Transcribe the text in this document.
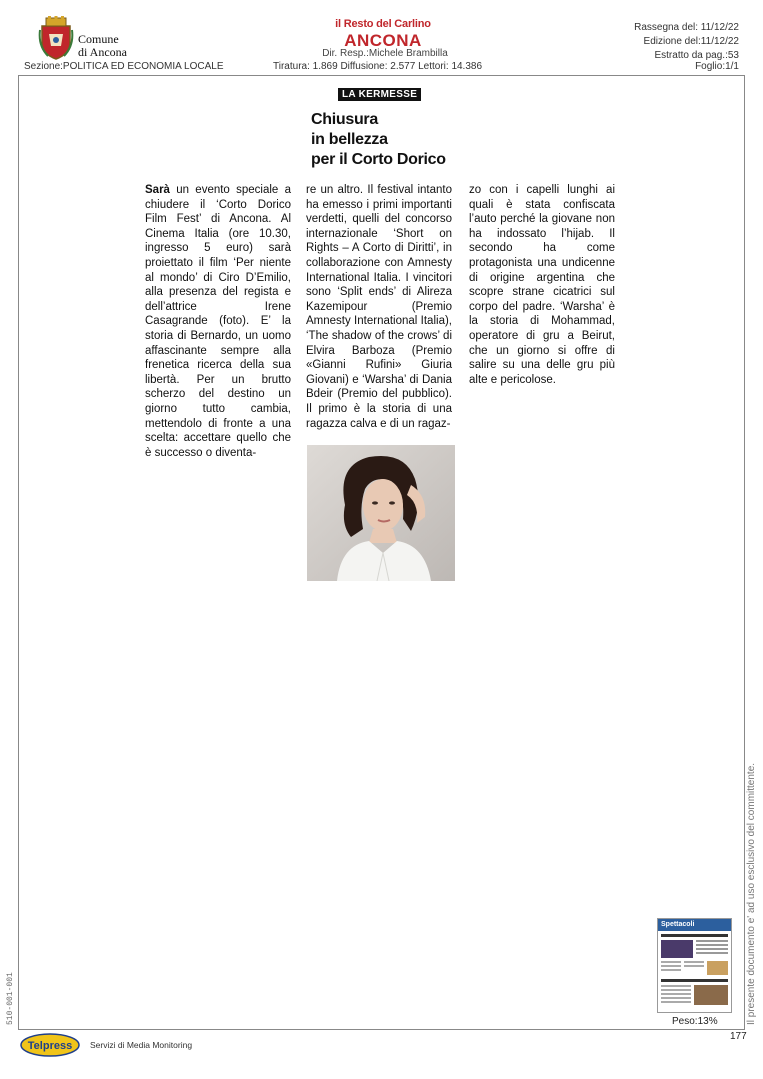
Comune
di Ancona
il Resto del Carlino
ANCONA
Dir. Resp.:Michele Brambilla
Rassegna del: 11/12/22
Edizione del:11/12/22
Estratto da pag.:53
Sezione:POLITICA ED ECONOMIA LOCALE	Tiratura: 1.869 Diffusione: 2.577 Lettori: 14.386	Foglio:1/1
LA KERMESSE
Chiusura
in bellezza
per il Corto Dorico
Sarà un evento speciale a chiudere il ‘Corto Dorico Film Fest’ di Ancona. Al Cinema Italia (ore 10.30, ingresso 5 euro) sarà proiettato il film ‘Per niente al mondo’ di Ciro D’Emilio, alla presenza del regista e dell’attrice Irene Casagrande (foto). E’ la storia di Bernardo, un uomo affascinante sempre alla frenetica ricerca della sua libertà. Per un brutto scherzo del destino un giorno tutto cambia, mettendolo di fronte a una scelta: accettare quello che è successo o diventa-
re un altro. Il festival intanto ha emesso i primi importanti verdetti, quelli del concorso internazionale ‘Short on Rights – A Corto di Diritti’, in collaborazione con Amnesty International Italia. I vincitori sono ‘Split ends’ di Alireza Kazemipour (Premio Amnesty International Italia), ‘The shadow of the crows’ di Elvira Barboza (Premio «Gianni Rufini» Giuria Giovani) e ‘Warsha’ di Dania Bdeir (Premio del pubblico). Il primo è la storia di una ragazza calva e di un ragaz-
zo con i capelli lunghi ai quali è stata confiscata l’auto perché la giovane non ha indossato l’hijab. Il secondo ha come protagonista una undicenne di origine argentina che scopre strane cicatrici sul corpo del padre. ‘Warsha’ è la storia di Mohammad, operatore di gru a Beirut, che un giorno si offre di salire su una delle gru più alte e pericolose.
Spettacoli
Peso:13%	Il presente documento e' ad uso esclusivo del committente.
510-001-001
Telpress Servizi di Media Monitoring
177
